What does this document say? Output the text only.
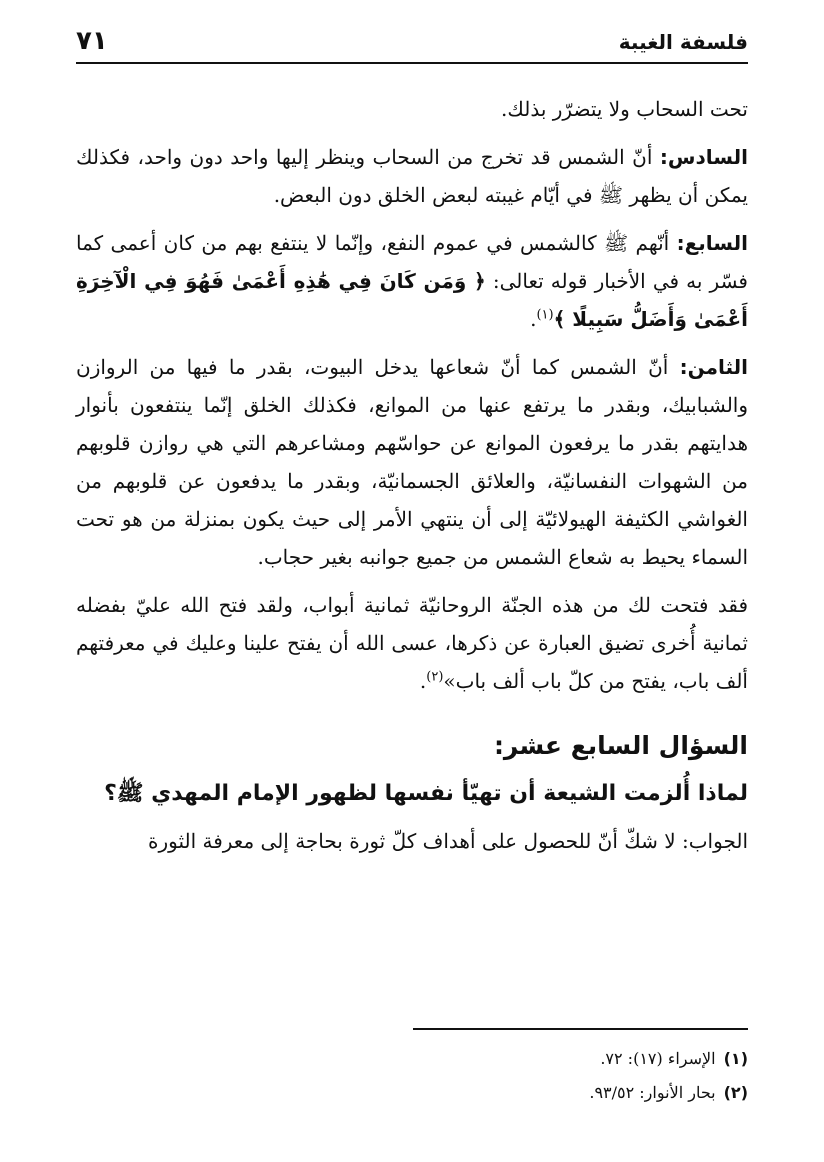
فلسفة الغيبة
٧١

تحت السحاب ولا يتضرّر بذلك.

السادس: أنّ الشمس قد تخرج من السحاب وينظر إليها واحد دون واحد، فكذلك يمكن أن يظهر ﷺ في أيّام غيبته لبعض الخلق دون البعض.

السابع: أنّهم ﷺ كالشمس في عموم النفع، وإنّما لا ينتفع بهم من كان أعمى كما فسّر به في الأخبار قوله تعالى: ﴿ وَمَن كَانَ فِي هَٰذِهِ أَعْمَىٰ فَهُوَ فِي الْآخِرَةِ أَعْمَىٰ وَأَضَلُّ سَبِيلًا ﴾$^{(١)}$.

الثامن: أنّ الشمس كما أنّ شعاعها يدخل البيوت، بقدر ما فيها من الروازن والشبابيك، وبقدر ما يرتفع عنها من الموانع، فكذلك الخلق إنّما ينتفعون بأنوار هدايتهم بقدر ما يرفعون الموانع عن حواسّهم ومشاعرهم التي هي روازن قلوبهم من الشهوات النفسانيّة، والعلائق الجسمانيّة، وبقدر ما يدفعون عن قلوبهم من الغواشي الكثيفة الهيولائيّة إلى أن ينتهي الأمر إلى حيث يكون بمنزلة من هو تحت السماء يحيط به شعاع الشمس من جميع جوانبه بغير حجاب.

فقد فتحت لك من هذه الجنّة الروحانيّة ثمانية أبواب، ولقد فتح الله عليّ بفضله ثمانية أُخرى تضيق العبارة عن ذكرها، عسى الله أن يفتح علينا وعليك في معرفتهم ألف باب، يفتح من كلّ باب ألف باب»$^{(٢)}$.

السؤال السابع عشر:
لماذا أُلزمت الشيعة أن تهيّأ نفسها لظهور الإمام المهدي ﷺ؟

الجواب: لا شكّ أنّ للحصول على أهداف كلّ ثورة بحاجة إلى معرفة الثورة

(١)الإسراء (١٧): ٧٢.
(٢)بحار الأنوار: ٩٣/٥٢.
